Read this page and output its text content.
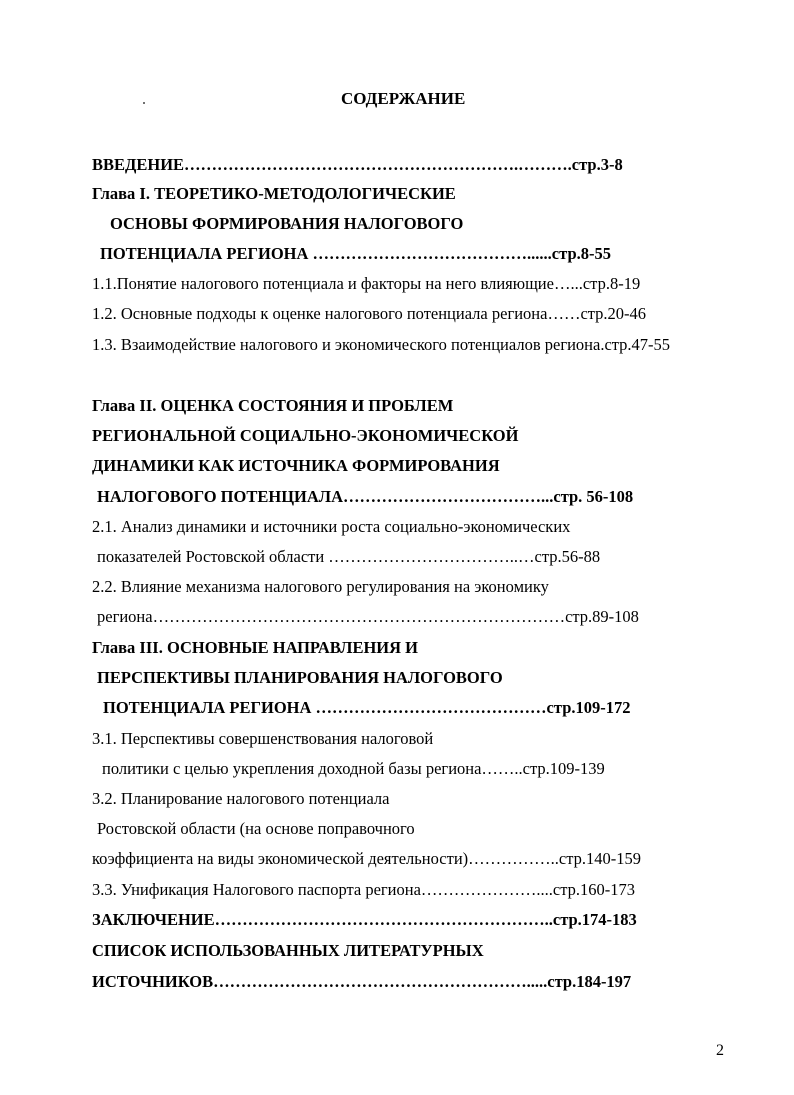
СОДЕРЖАНИЕ
ВВЕДЕНИЕ…………………………………………………….……….стр.3-8
Глава I. ТЕОРЕТИКО-МЕТОДОЛОГИЧЕСКИЕ
ОСНОВЫ ФОРМИРОВАНИЯ НАЛОГОВОГО
ПОТЕНЦИАЛА РЕГИОНА …………………………………......стр.8-55
1.1.Понятие налогового потенциала и факторы на него влияющие…...стр.8-19
1.2. Основные подходы к оценке налогового потенциала региона……стр.20-46
1.3. Взаимодействие налогового и экономического потенциалов региона.стр.47-55
Глава II. ОЦЕНКА СОСТОЯНИЯ И ПРОБЛЕМ
РЕГИОНАЛЬНОЙ СОЦИАЛЬНО-ЭКОНОМИЧЕСКОЙ
ДИНАМИКИ КАК ИСТОЧНИКА ФОРМИРОВАНИЯ
НАЛОГОВОГО ПОТЕНЦИАЛА………………………………...стр. 56-108
2.1. Анализ динамики и источники роста социально-экономических
показателей Ростовской области ……………………………..…стр.56-88
2.2. Влияние механизма налогового регулирования на экономику
региона…………………………………………………………………стр.89-108
Глава III. ОСНОВНЫЕ НАПРАВЛЕНИЯ И
ПЕРСПЕКТИВЫ ПЛАНИРОВАНИЯ НАЛОГОВОГО
ПОТЕНЦИАЛА РЕГИОНА ……………………………………стр.109-172
3.1. Перспективы совершенствования налоговой
политики с целью укрепления доходной базы региона……..стр.109-139
3.2. Планирование налогового потенциала
Ростовской области (на основе поправочного
коэффициента на виды экономической деятельности)……………..стр.140-159
3.3. Унификация Налогового паспорта региона…………………....стр.160-173
ЗАКЛЮЧЕНИЕ……………………………………………………..стр.174-183
СПИСОК ИСПОЛЬЗОВАННЫХ ЛИТЕРАТУРНЫХ
ИСТОЧНИКОВ………………………………………………….....стр.184-197
2
